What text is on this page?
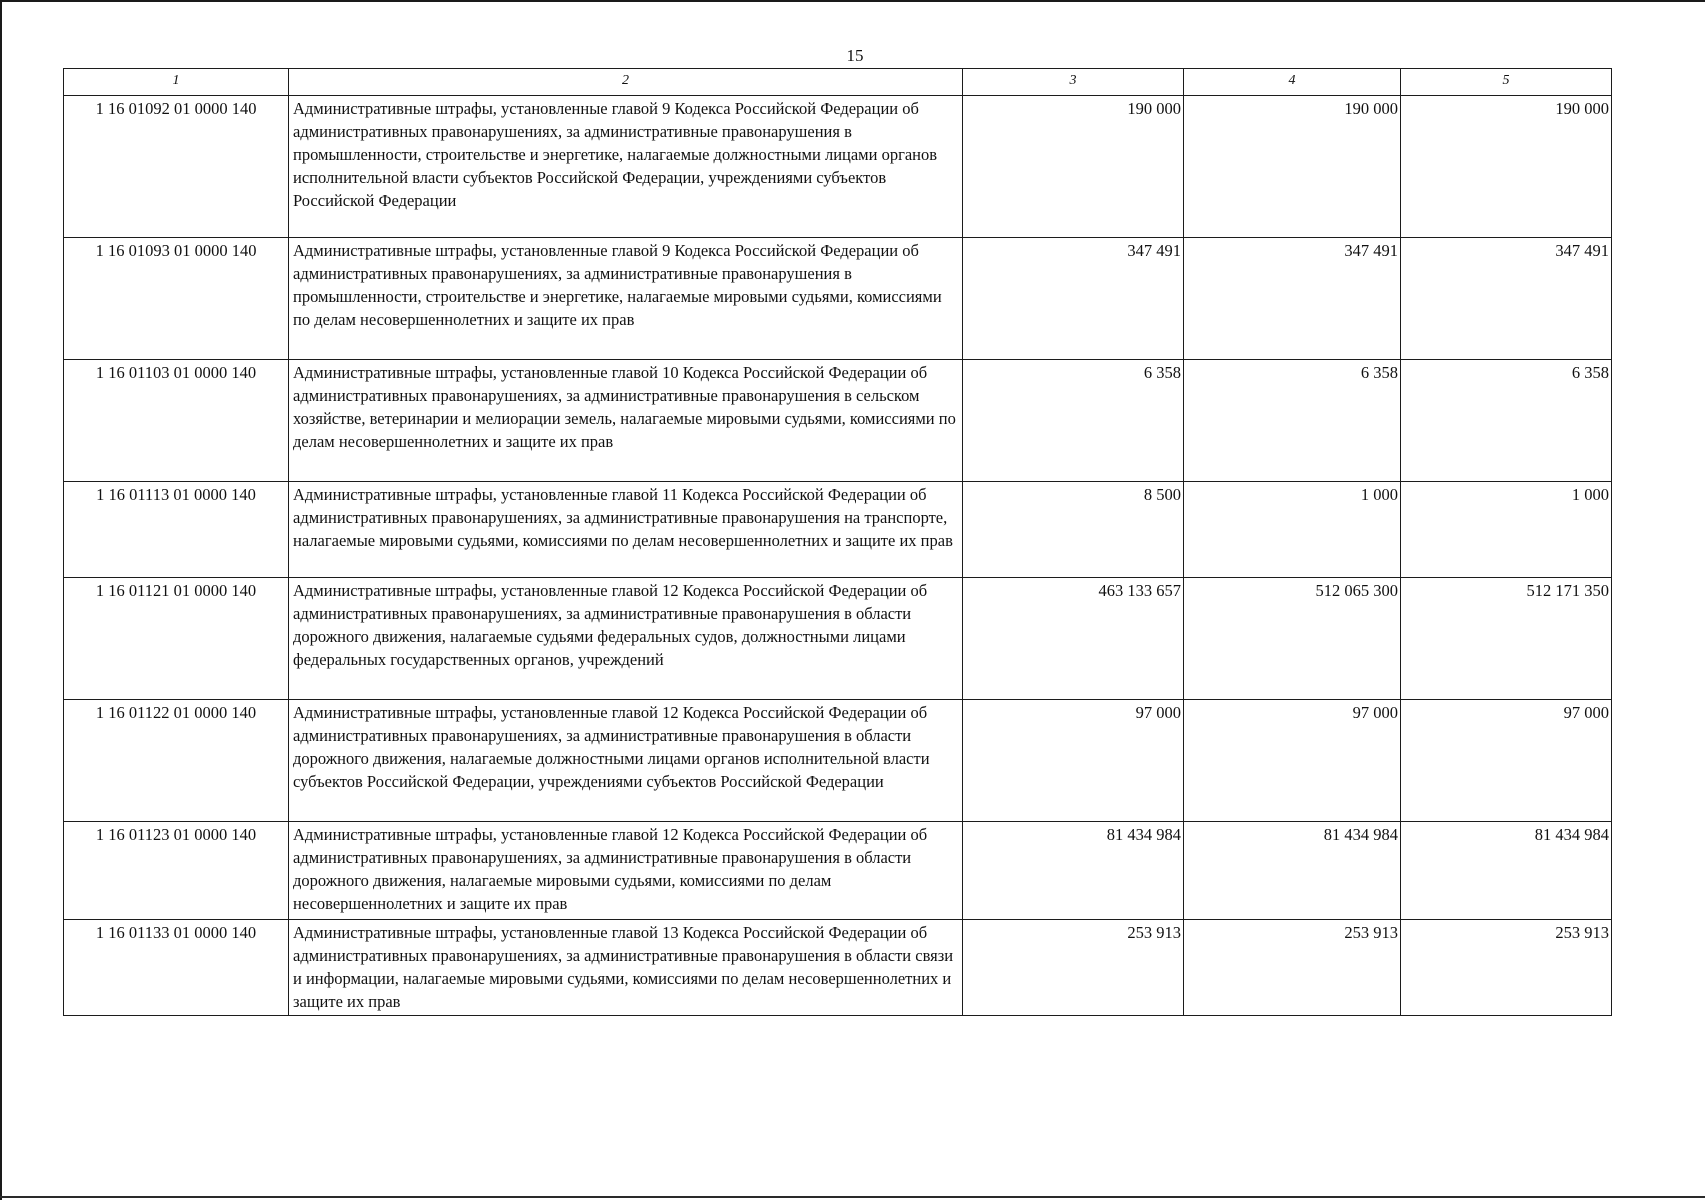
15
1	2	3	4	5
1 16 01092 01 0000 140	Административные штрафы, установленные главой 9 Кодекса Российской Федерации об административных правонарушениях, за административные правонарушения в промышленности, строительстве и энергетике, налагаемые должностными лицами органов исполнительной власти субъектов Российской Федерации, учреждениями субъектов Российской Федерации	190 000	190 000	190 000
1 16 01093 01 0000 140	Административные штрафы, установленные главой 9 Кодекса Российской Федерации об административных правонарушениях, за административные правонарушения в промышленности, строительстве и энергетике, налагаемые мировыми судьями, комиссиями по делам несовершеннолетних и защите их прав	347 491	347 491	347 491
1 16 01103 01 0000 140	Административные штрафы, установленные главой 10 Кодекса Российской Федерации об административных правонарушениях, за административные правонарушения в сельском хозяйстве, ветеринарии и мелиорации земель, налагаемые мировыми судьями, комиссиями по делам несовершеннолетних и защите их прав	6 358	6 358	6 358
1 16 01113 01 0000 140	Административные штрафы, установленные главой 11 Кодекса Российской Федерации об административных правонарушениях, за административные правонарушения на транспорте, налагаемые мировыми судьями, комиссиями по делам несовершеннолетних и защите их прав	8 500	1 000	1 000
1 16 01121 01 0000 140	Административные штрафы, установленные главой 12 Кодекса Российской Федерации об административных правонарушениях, за административные правонарушения в области дорожного движения, налагаемые судьями федеральных судов, должностными лицами федеральных государственных органов, учреждений	463 133 657	512 065 300	512 171 350
1 16 01122 01 0000 140	Административные штрафы, установленные главой 12 Кодекса Российской Федерации об административных правонарушениях, за административные правонарушения в области дорожного движения, налагаемые должностными лицами органов исполнительной власти субъектов Российской Федерации, учреждениями субъектов Российской Федерации	97 000	97 000	97 000
1 16 01123 01 0000 140	Административные штрафы, установленные главой 12 Кодекса Российской Федерации об административных правонарушениях, за административные правонарушения в области дорожного движения, налагаемые мировыми судьями, комиссиями по делам несовершеннолетних и защите их прав	81 434 984	81 434 984	81 434 984
1 16 01133 01 0000 140	Административные штрафы, установленные главой 13 Кодекса Российской Федерации об административных правонарушениях, за административные правонарушения в области связи и информации, налагаемые мировыми судьями, комиссиями по делам несовершеннолетних и защите их прав	253 913	253 913	253 913
